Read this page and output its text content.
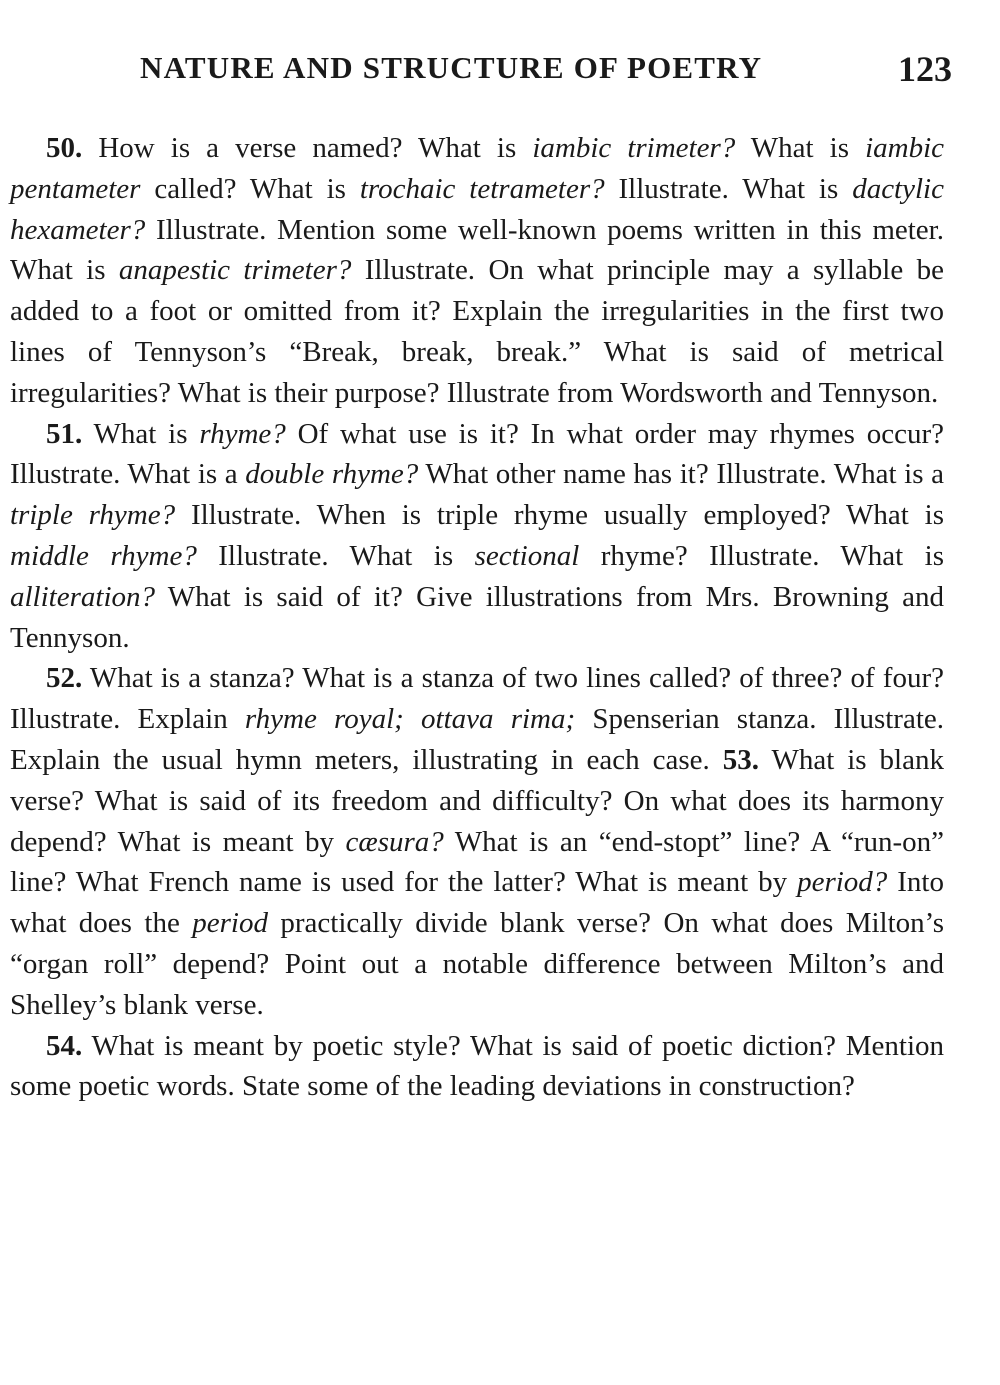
NATURE AND STRUCTURE OF POETRY	123

50. How is a verse named? What is iambic trimeter? What is iambic pentameter called? What is trochaic tetrameter? Illustrate. What is dactylic hexameter? Illustrate. Mention some well-known poems written in this meter. What is anapestic trimeter? Illustrate. On what principle may a syllable be added to a foot or omitted from it? Explain the irregularities in the first two lines of Tennyson’s “Break, break, break.” What is said of metrical irregularities? What is their purpose? Illustrate from Wordsworth and Tennyson.

51. What is rhyme? Of what use is it? In what order may rhymes occur? Illustrate. What is a double rhyme? What other name has it? Illustrate. What is a triple rhyme? Illustrate. When is triple rhyme usually employed? What is middle rhyme? Illustrate. What is sectional rhyme? Illustrate. What is alliteration? What is said of it? Give illustrations from Mrs. Browning and Tennyson.

52. What is a stanza? What is a stanza of two lines called? of three? of four? Illustrate. Explain rhyme royal; ottava rima; Spenserian stanza. Illustrate. Explain the usual hymn meters, illustrating in each case. 53. What is blank verse? What is said of its freedom and difficulty? On what does its harmony depend? What is meant by cæsura? What is an “end-stopt” line? A “run-on” line? What French name is used for the latter? What is meant by period? Into what does the period practically divide blank verse? On what does Milton’s “organ roll” depend? Point out a notable difference between Milton’s and Shelley’s blank verse.

54. What is meant by poetic style? What is said of poetic diction? Mention some poetic words. State some of the leading deviations in construction?
